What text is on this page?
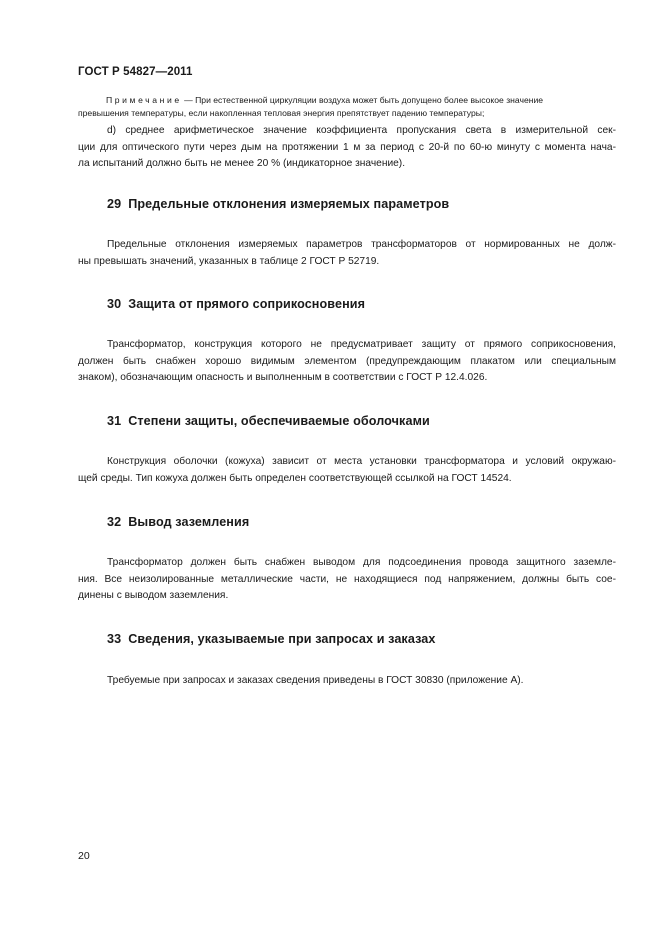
ГОСТ Р 54827—2011
Примечание — При естественной циркуляции воздуха может быть допущено более высокое значение
превышения температуры, если накопленная тепловая энергия препятствует падению температуры;
d) среднее арифметическое значение коэффициента пропускания света в измерительной сек-
ции для оптического пути через дым на протяжении 1 м за период с 20-й по 60-ю минуту с момента нача-
ла испытаний должно быть не менее 20 % (индикаторное значение).
29 Предельные отклонения измеряемых параметров
Предельные отклонения измеряемых параметров трансформаторов от нормированных не долж-
ны превышать значений, указанных в таблице 2 ГОСТ Р 52719.
30 Защита от прямого соприкосновения
Трансформатор, конструкция которого не предусматривает защиту от прямого соприкосновения,
должен быть снабжен хорошо видимым элементом (предупреждающим плакатом или специальным
знаком), обозначающим опасность и выполненным в соответствии с ГОСТ Р 12.4.026.
31 Степени защиты, обеспечиваемые оболочками
Конструкция оболочки (кожуха) зависит от места установки трансформатора и условий окружаю-
щей среды. Тип кожуха должен быть определен соответствующей ссылкой на ГОСТ 14524.
32 Вывод заземления
Трансформатор должен быть снабжен выводом для подсоединения провода защитного заземле-
ния. Все неизолированные металлические части, не находящиеся под напряжением, должны быть сое-
динены с выводом заземления.
33 Сведения, указываемые при запросах и заказах
Требуемые при запросах и заказах сведения приведены в ГОСТ 30830 (приложение А).
20
